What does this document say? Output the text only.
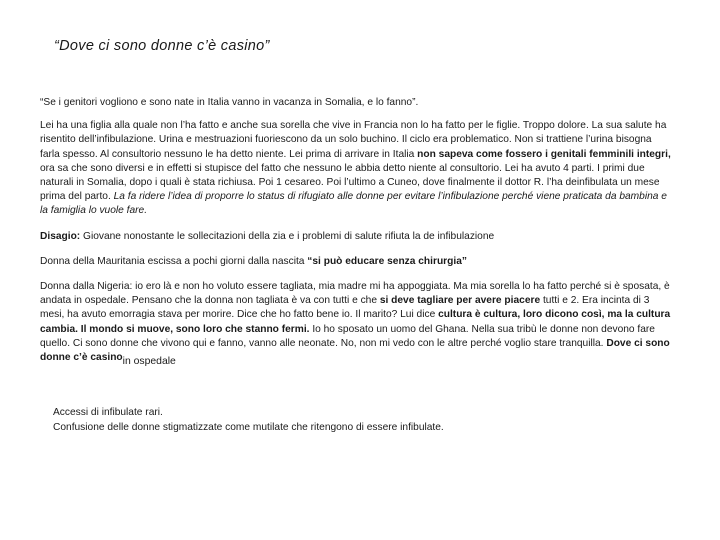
“Dove ci sono donne c’è casino”

“Se i genitori vogliono e sono nate in Italia vanno in vacanza in Somalia, e lo fanno”.

Lei ha una figlia alla quale non l’ha fatto e anche sua sorella che vive in Francia non lo ha fatto per le figlie. Troppo dolore. La sua salute ha risentito dell’infibulazione. Urina e mestruazioni fuoriescono da un solo buchino. Il ciclo era problematico. Non si trattiene l’urina bisogna farla spesso. Al consultorio nessuno le ha detto niente. Lei prima di arrivare in Italia non sapeva come fossero i genitali femminili integri, ora sa che sono diversi e in effetti si stupisce del fatto che nessuno le abbia detto niente al consultorio. Lei ha avuto 4 parti. I primi due naturali in Somalia, dopo i quali è stata richiusa. Poi 1 cesareo. Poi l’ultimo a Cuneo, dove finalmente il dottor R. l’ha deinfibulata un mese prima del parto. La fa ridere l’idea di proporre lo status di rifugiato alle donne per evitare l’infibulazione perché viene praticata da bambina e la famiglia lo vuole fare.

Disagio: Giovane nonostante le sollecitazioni della zia e i problemi di salute rifiuta la de infibulazione

Donna della Mauritania escissa a pochi giorni dalla nascita “si può educare senza chirurgia”

Donna dalla Nigeria: io ero là e non ho voluto essere tagliata, mia madre mi ha appoggiata. Ma mia sorella lo ha fatto perché si è sposata, è andata in ospedale. Pensano che la donna non tagliata è va con tutti e che si deve tagliare per avere piacere tutti e 2. Era incinta di 3 mesi, ha avuto emorragia stava per morire. Dice che ho fatto bene io. Il marito? Lui dice cultura è cultura, loro dicono così, ma la cultura cambia. Il mondo si muove, sono loro che stanno fermi. Io ho sposato un uomo del Ghana. Nella sua tribù le donne non devono fare quello. Ci sono donne che vivono qui e fanno, vanno alle neonate. No, non mi vedo con le altre perché voglio stare tranquilla. Dove ci sono donne c’è casinoin ospedale

Accessi di infibulate rari.
Confusione delle donne stigmatizzate come mutilate che ritengono di essere infibulate.
